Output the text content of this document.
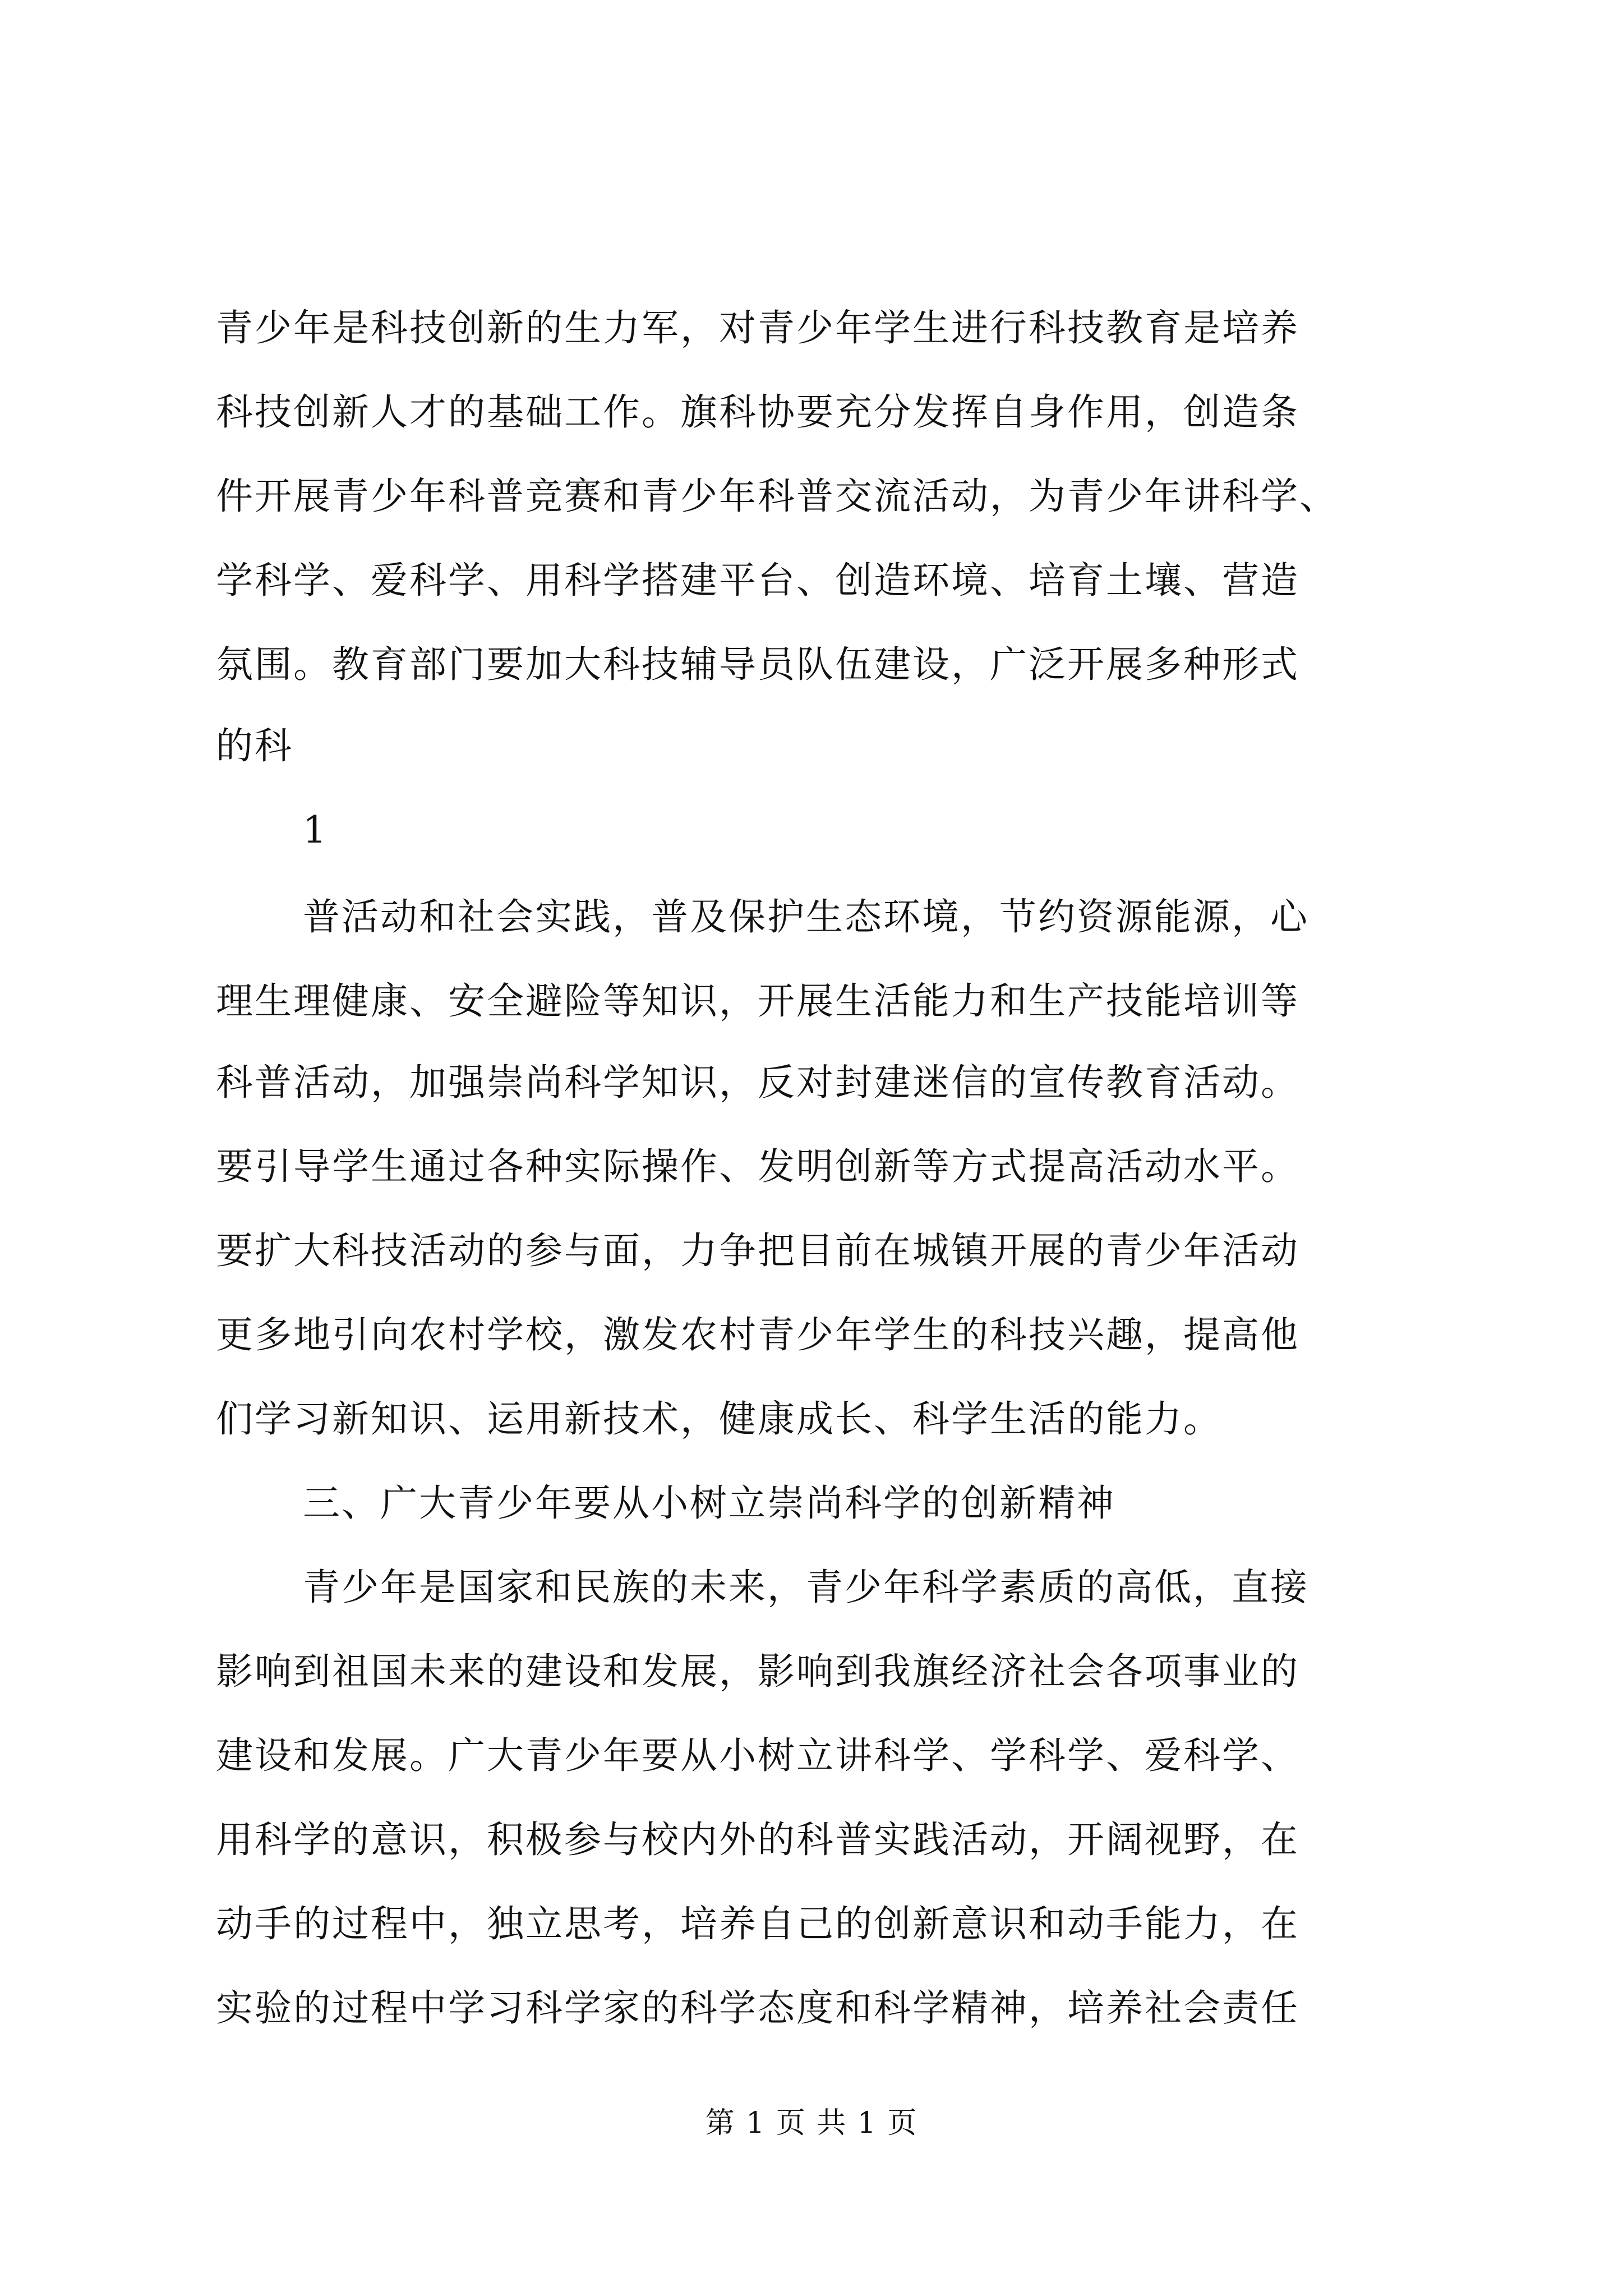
青少年是科技创新的生力军，对青少年学生进行科技教育是培养
科技创新人才的基础工作。旗科协要充分发挥自身作用，创造条
件开展青少年科普竞赛和青少年科普交流活动，为青少年讲科学、
学科学、爱科学、用科学搭建平台、创造环境、培育土壤、营造
氛围。教育部门要加大科技辅导员队伍建设，广泛开展多种形式
的科
1
普活动和社会实践，普及保护生态环境，节约资源能源，心
理生理健康、安全避险等知识，开展生活能力和生产技能培训等
科普活动，加强崇尚科学知识，反对封建迷信的宣传教育活动。
要引导学生通过各种实际操作、发明创新等方式提高活动水平。
要扩大科技活动的参与面，力争把目前在城镇开展的青少年活动
更多地引向农村学校，激发农村青少年学生的科技兴趣，提高他
们学习新知识、运用新技术，健康成长、科学生活的能力。
三、广大青少年要从小树立崇尚科学的创新精神
青少年是国家和民族的未来，青少年科学素质的高低，直接
影响到祖国未来的建设和发展，影响到我旗经济社会各项事业的
建设和发展。广大青少年要从小树立讲科学、学科学、爱科学、
用科学的意识，积极参与校内外的科普实践活动，开阔视野，在
动手的过程中，独立思考，培养自己的创新意识和动手能力，在
实验的过程中学习科学家的科学态度和科学精神，培养社会责任
第 1 页 共 1 页
